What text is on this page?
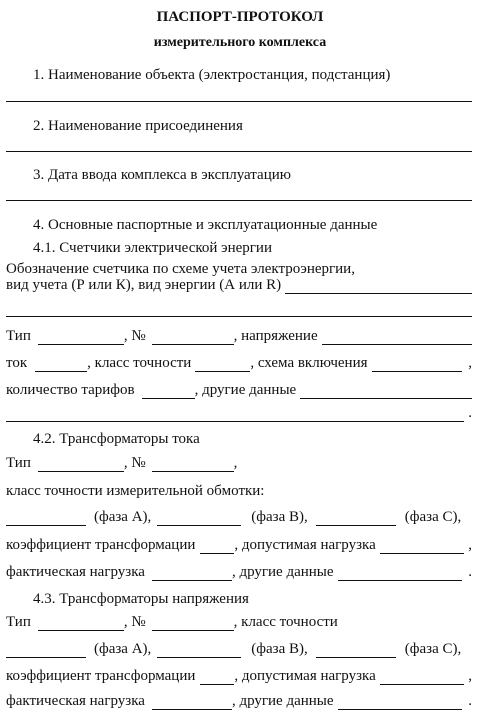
ПАСПОРТ-ПРОТОКОЛ
измерительного комплекса
1. Наименование объекта (электростанция, подстанция)
2. Наименование присоединения
3. Дата ввода комплекса в эксплуатацию
4. Основные паспортные и эксплуатационные данные
4.1. Счетчики электрической энергии
Обозначение счетчика по схеме учета электроэнергии,
вид учета (Р или К), вид энергии (А или R)
Тип	, №	, напряжение
ток	, класс точности	, схема включения	,
количество тарифов	, другие данные
.
4.2. Трансформаторы тока
Тип	, №	,
класс точности измерительной обмотки:
(фаза А),	(фаза В),	(фаза С),
коэффициент трансформации	, допустимая нагрузка	,
фактическая нагрузка	, другие данные	.
4.3. Трансформаторы напряжения
Тип	, №	, класс точности
(фаза А),	(фаза В),	(фаза С),
коэффициент трансформации	, допустимая нагрузка	,
фактическая нагрузка	, другие данные	.
